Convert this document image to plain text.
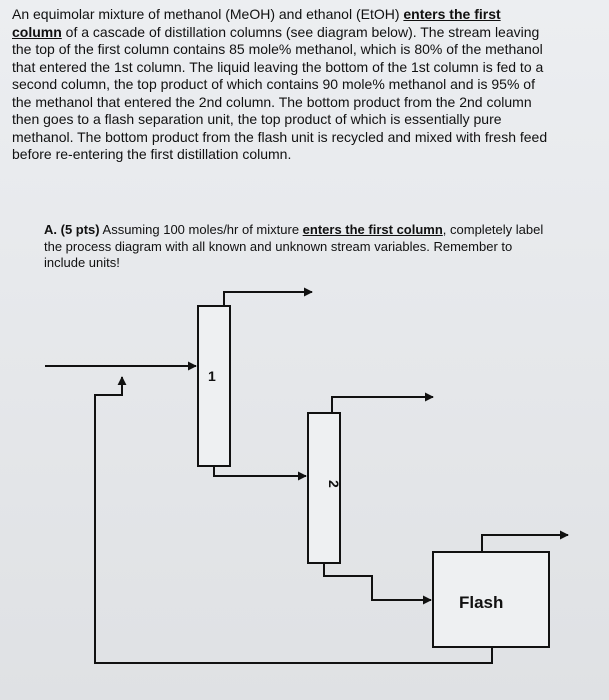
An equimolar mixture of methanol (MeOH) and ethanol (EtOH) enters the first
column of a cascade of distillation columns (see diagram below). The stream leaving
the top of the first column contains 85 mole% methanol, which is 80% of the methanol
that entered the 1st column. The liquid leaving the bottom of the 1st column is fed to a
second column, the top product of which contains 90 mole% methanol and is 95% of
the methanol that entered the 2nd column. The bottom product from the 2nd column
then goes to a flash separation unit, the top product of which is essentially pure
methanol. The bottom product from the flash unit is recycled and mixed with fresh feed
before re-entering the first distillation column.
A. (5 pts) Assuming 100 moles/hr of mixture enters the first column, completely label
the process diagram with all known and unknown stream variables. Remember to
include units!
1
2
Flash
